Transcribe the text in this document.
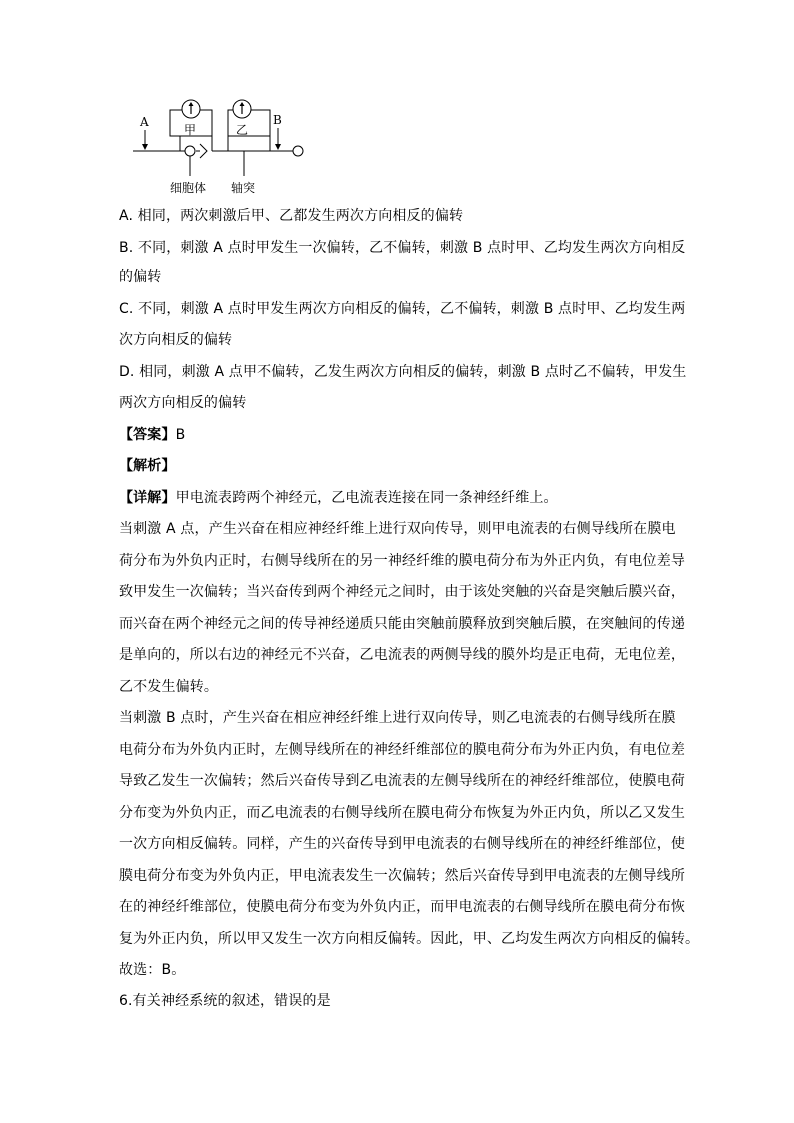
A	B
甲	乙
细胞体 轴突
A. 相同，两次刺激后甲、乙都发生两次方向相反的偏转
B. 不同，刺激 A 点时甲发生一次偏转，乙不偏转，刺激 B 点时甲、乙均发生两次方向相反
的偏转
C. 不同，刺激 A 点时甲发生两次方向相反的偏转，乙不偏转，刺激 B 点时甲、乙均发生两
次方向相反的偏转
D. 相同，刺激 A 点甲不偏转，乙发生两次方向相反的偏转，刺激 B 点时乙不偏转，甲发生
两次方向相反的偏转
【答案】B
【解析】
【详解】甲电流表跨两个神经元，乙电流表连接在同一条神经纤维上。
当刺激 A 点，产生兴奋在相应神经纤维上进行双向传导，则甲电流表的右侧导线所在膜电
荷分布为外负内正时，右侧导线所在的另一神经纤维的膜电荷分布为外正内负，有电位差导
致甲发生一次偏转；当兴奋传到两个神经元之间时，由于该处突触的兴奋是突触后膜兴奋，
而兴奋在两个神经元之间的传导神经递质只能由突触前膜释放到突触后膜，在突触间的传递
是单向的，所以右边的神经元不兴奋，乙电流表的两侧导线的膜外均是正电荷，无电位差，
乙不发生偏转。
当刺激 B 点时，产生兴奋在相应神经纤维上进行双向传导，则乙电流表的右侧导线所在膜
电荷分布为外负内正时，左侧导线所在的神经纤维部位的膜电荷分布为外正内负，有电位差
导致乙发生一次偏转；然后兴奋传导到乙电流表的左侧导线所在的神经纤维部位，使膜电荷
分布变为外负内正，而乙电流表的右侧导线所在膜电荷分布恢复为外正内负，所以乙又发生
一次方向相反偏转。同样，产生的兴奋传导到甲电流表的右侧导线所在的神经纤维部位，使
膜电荷分布变为外负内正，甲电流表发生一次偏转；然后兴奋传导到甲电流表的左侧导线所
在的神经纤维部位，使膜电荷分布变为外负内正，而甲电流表的右侧导线所在膜电荷分布恢
复为外正内负，所以甲又发生一次方向相反偏转。因此，甲、乙均发生两次方向相反的偏转。
故选：B。
6.有关神经系统的叙述，错误的是
